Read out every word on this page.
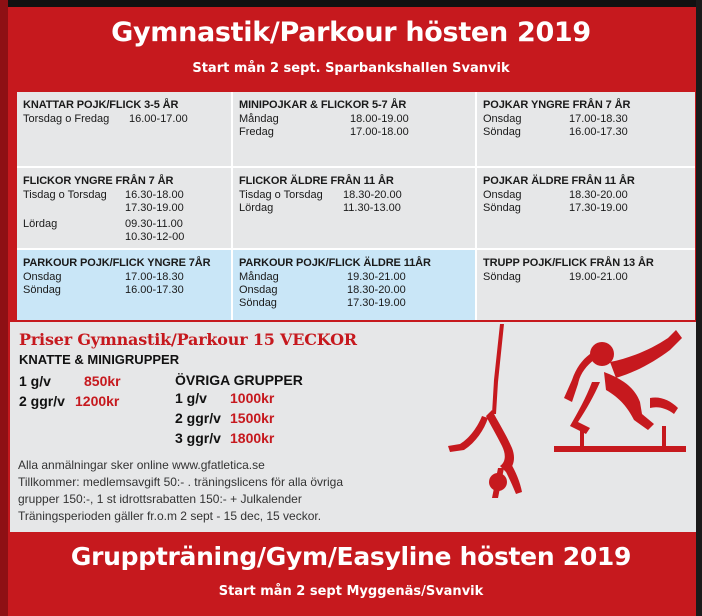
Gymnastik/Parkour hösten 2019
Start mån 2 sept. Sparbankshallen Svanvik
KNATTAR POJK/FLICK 3-5 ÅR
Torsdag o Fredag	16.00-17.00
MINIPOJKAR & FLICKOR 5-7 ÅR
Måndag	18.00-19.00
Fredag	17.00-18.00
POJKAR YNGRE FRÅN 7 ÅR
Onsdag	17.00-18.30
Söndag	16.00-17.30
FLICKOR YNGRE FRÅN 7 ÅR
Tisdag o Torsdag	16.30-18.00
17.30-19.00
Lördag	09.30-11.00
10.30-12-00
FLICKOR ÄLDRE FRÅN 11 ÅR
Tisdag o Torsdag	18.30-20.00
Lördag	11.30-13.00
POJKAR ÄLDRE FRÅN 11 ÅR
Onsdag	18.30-20.00
Söndag	17.30-19.00
PARKOUR POJK/FLICK YNGRE 7ÅR
Onsdag	17.00-18.30
Söndag	16.00-17.30
PARKOUR POJK/FLICK ÄLDRE 11ÅR
Måndag	19.30-21.00
Onsdag	18.30-20.00
Söndag	17.30-19.00
TRUPP POJK/FLICK FRÅN 13 ÅR
Söndag	19.00-21.00
Priser Gymnastik/Parkour 15 VECKOR
KNATTE & MINIGRUPPER
1 g/v 850kr
2 ggr/v 1200kr
ÖVRIGA GRUPPER
1 g/v 1000kr
2 ggr/v 1500kr
3 ggr/v 1800kr
Alla anmälningar sker online www.gfatletica.se
Tillkommer: medlemsavgift 50:- . träningslicens för alla övriga
grupper 150:-, 1 st idrottsrabatten 150:- + Julkalender
Träningsperioden gäller fr.o.m 2 sept - 15 dec, 15 veckor.
Gruppträning/Gym/Easyline hösten 2019
Start mån 2 sept Myggenäs/Svanvik
